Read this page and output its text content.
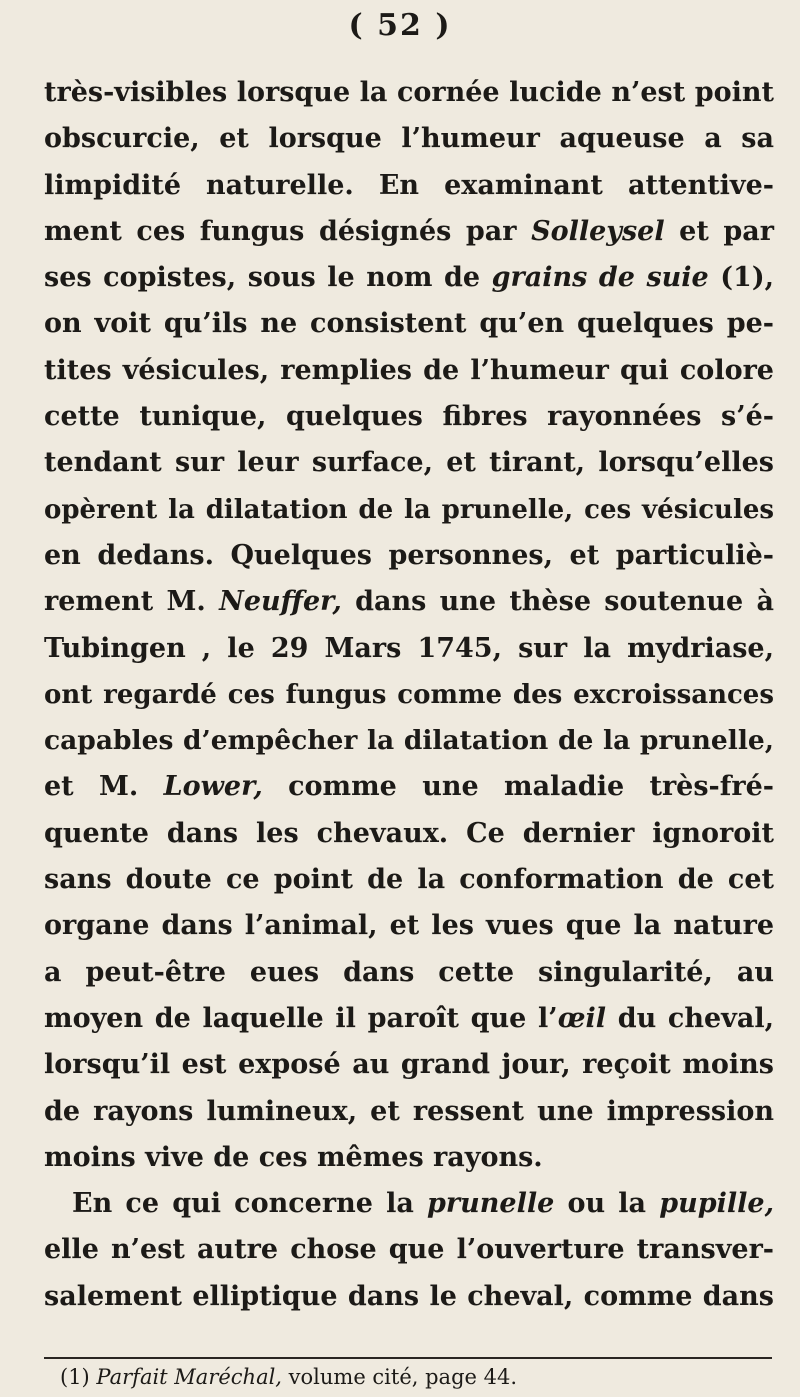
( 52 )
très-visibles lorsque la cornée lucide n’est point
obscurcie, et lorsque l’humeur aqueuse a sa
limpidité naturelle. En examinant attentive-
ment ces fungus désignés par Solleysel et par
ses copistes, sous le nom de grains de suie (1),
on voit qu’ils ne consistent qu’en quelques pe-
tites vésicules, remplies de l’humeur qui colore
cette tunique, quelques fibres rayonnées s’é-
tendant sur leur surface, et tirant, lorsqu’elles
opèrent la dilatation de la prunelle, ces vésicules
en dedans. Quelques personnes, et particuliè-
rement M. Neuffer, dans une thèse soutenue à
Tubingen , le 29 Mars 1745, sur la mydriase,
ont regardé ces fungus comme des excroissances
capables d’empêcher la dilatation de la prunelle,
et M. Lower, comme une maladie très-fré-
quente dans les chevaux. Ce dernier ignoroit
sans doute ce point de la conformation de cet
organe dans l’animal, et les vues que la nature
a peut-être eues dans cette singularité, au
moyen de laquelle il paroît que l’œil du cheval,
lorsqu’il est exposé au grand jour, reçoit moins
de rayons lumineux, et ressent une impression
moins vive de ces mêmes rayons.
En ce qui concerne la prunelle ou la pupille,
elle n’est autre chose que l’ouverture transver-
salement elliptique dans le cheval, comme dans
(1) Parfait Maréchal, volume cité, page 44.
